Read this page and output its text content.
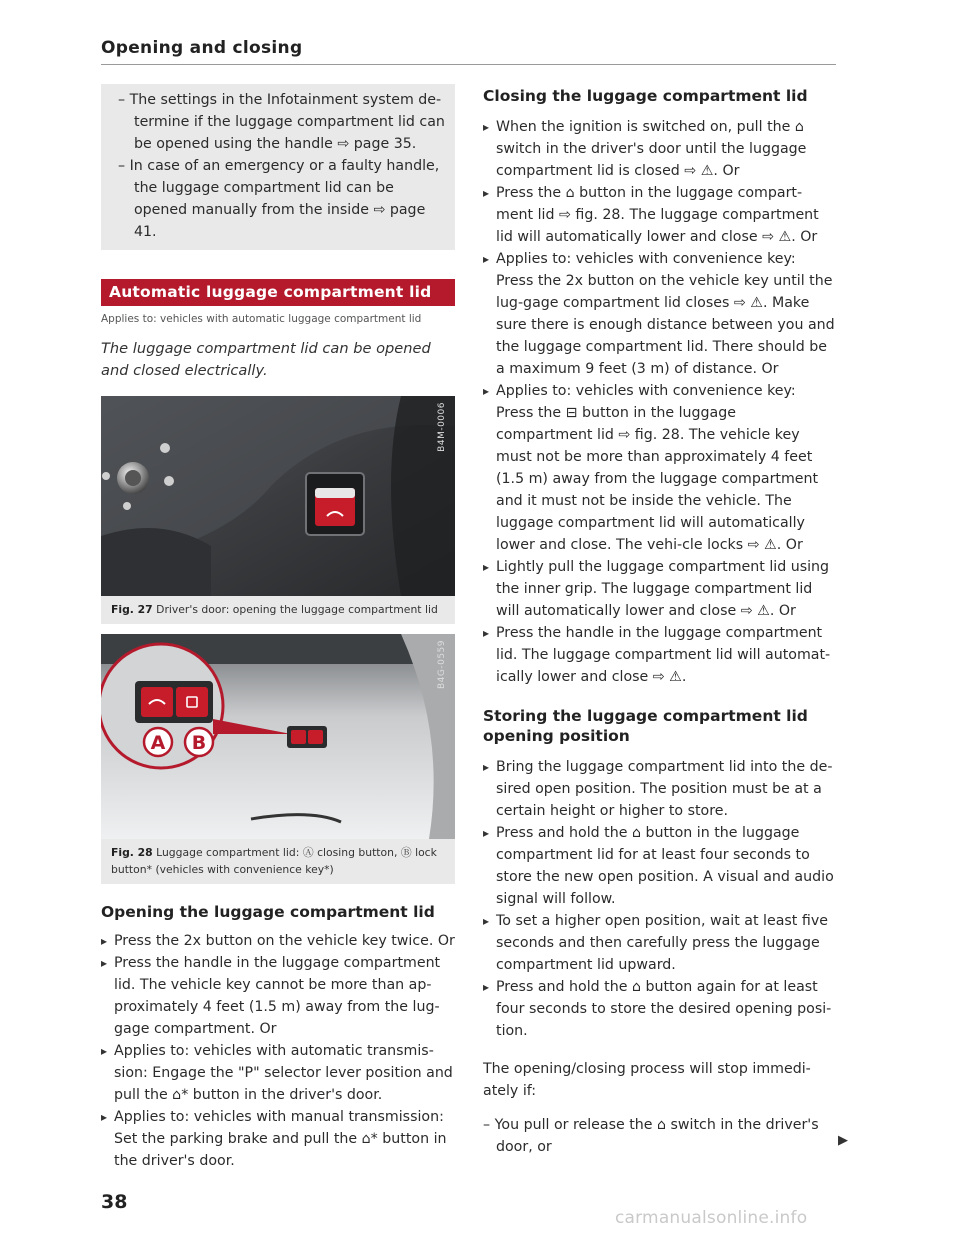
Opening and closing
– The settings in the Infotainment system de-termine if the luggage compartment lid can be opened using the handle ⇨ page 35.
– In case of an emergency or a faulty handle, the luggage compartment lid can be opened manually from the inside ⇨ page 41.
Automatic luggage compartment lid
Applies to: vehicles with automatic luggage compartment lid
The luggage compartment lid can be opened and closed electrically.
B4M-0006
Fig. 27 Driver's door: opening the luggage compartment lid
A B
B4G-0559
Fig. 28 Luggage compartment lid: Ⓐ closing button, Ⓑ lock button* (vehicles with convenience key*)
Opening the luggage compartment lid
▸ Press the 2x button on the vehicle key twice. Or
▸ Press the handle in the luggage compartment lid. The vehicle key cannot be more than ap-proximately 4 feet (1.5 m) away from the lug-gage compartment. Or
▸ Applies to: vehicles with automatic transmis-sion: Engage the "P" selector lever position and pull the ⌂* button in the driver's door.
▸ Applies to: vehicles with manual transmission: Set the parking brake and pull the ⌂* button in the driver's door.
Closing the luggage compartment lid
▸ When the ignition is switched on, pull the ⌂ switch in the driver's door until the luggage compartment lid is closed ⇨ ⚠. Or
▸ Press the ⌂ button in the luggage compart-ment lid ⇨ fig. 28. The luggage compartment lid will automatically lower and close ⇨ ⚠. Or
▸ Applies to: vehicles with convenience key: Press the 2x button on the vehicle key until the lug-gage compartment lid closes ⇨ ⚠. Make sure there is enough distance between you and the luggage compartment lid. There should be a maximum 9 feet (3 m) of distance. Or
▸ Applies to: vehicles with convenience key: Press the ⊟ button in the luggage compartment lid ⇨ fig. 28. The vehicle key must not be more than approximately 4 feet (1.5 m) away from the luggage compartment and it must not be inside the vehicle. The luggage compartment lid will automatically lower and close. The vehi-cle locks ⇨ ⚠. Or
▸ Lightly pull the luggage compartment lid using the inner grip. The luggage compartment lid will automatically lower and close ⇨ ⚠. Or
▸ Press the handle in the luggage compartment lid. The luggage compartment lid will automat-ically lower and close ⇨ ⚠.
Storing the luggage compartment lid opening position
▸ Bring the luggage compartment lid into the de-sired open position. The position must be at a certain height or higher to store.
▸ Press and hold the ⌂ button in the luggage compartment lid for at least four seconds to store the new open position. A visual and audio signal will follow.
▸ To set a higher open position, wait at least five seconds and then carefully press the luggage compartment lid upward.
▸ Press and hold the ⌂ button again for at least four seconds to store the desired opening posi-tion.
The opening/closing process will stop immedi-ately if:
– You pull or release the ⌂ switch in the driver's door, or	▶
38
carmanualsonline.info
